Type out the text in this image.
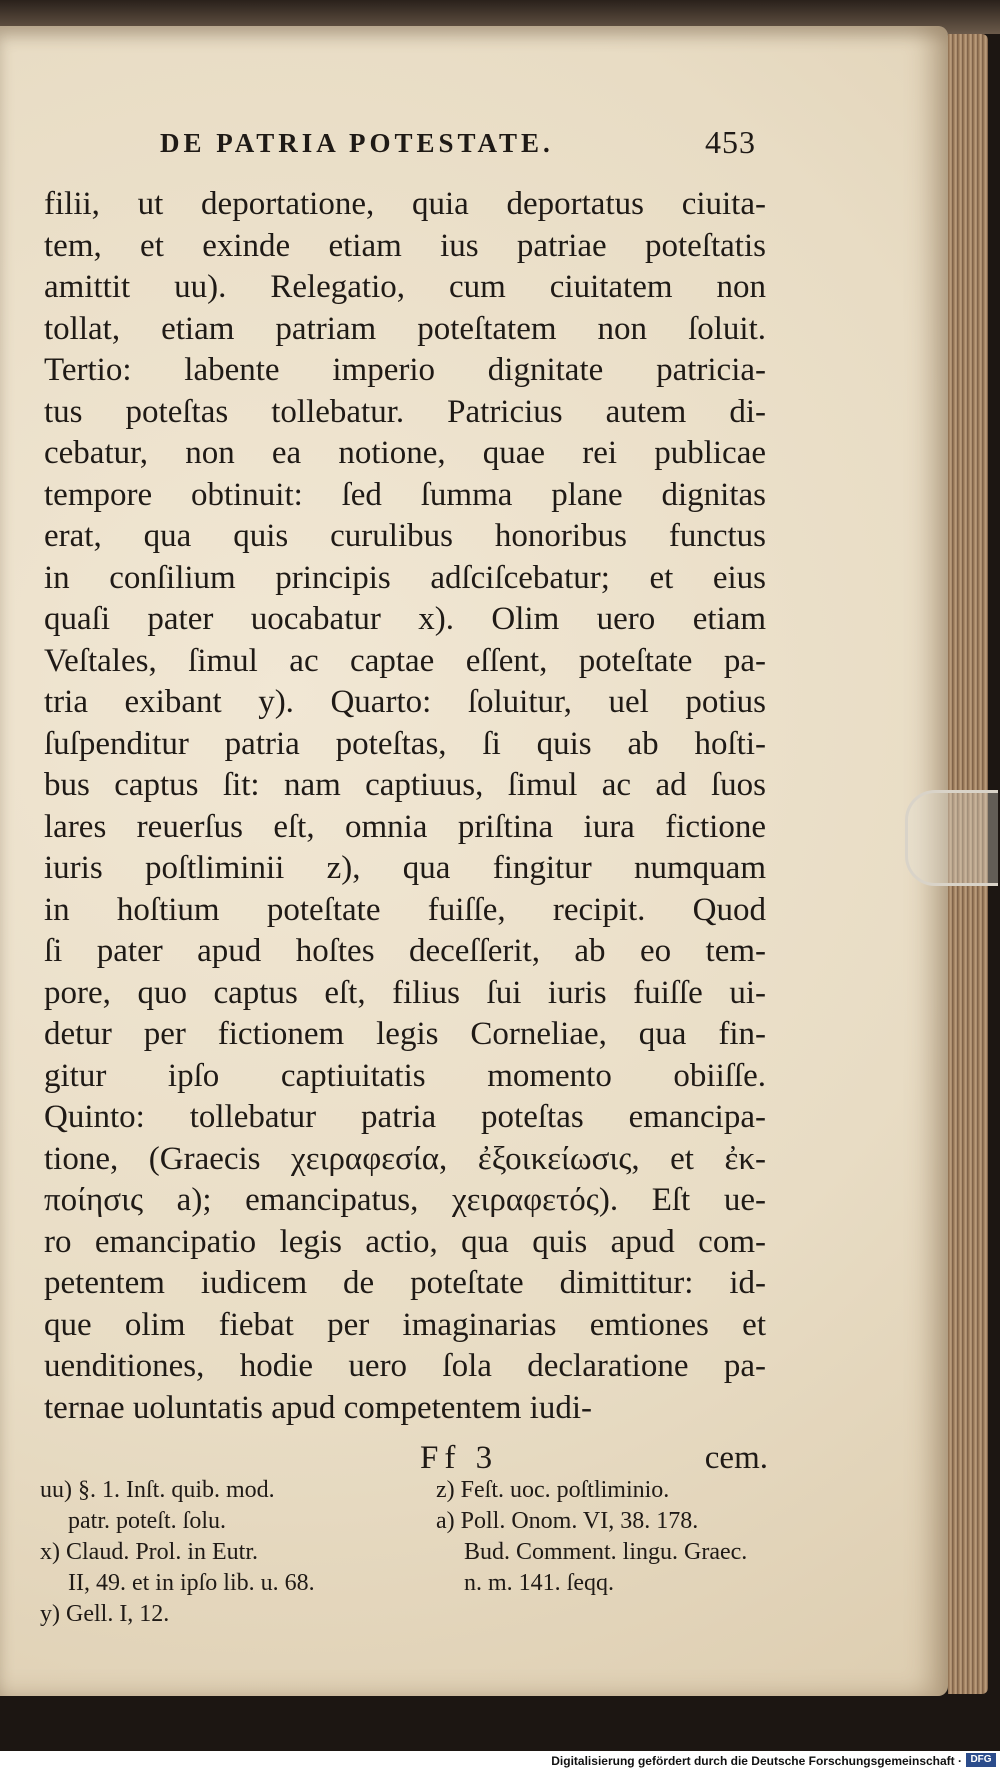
DE PATRIA POTESTATE.	453
filii, ut deportatione, quia deportatus ciuita-
tem, et exinde etiam ius patriae poteſtatis
amittit uu). Relegatio, cum ciuitatem non
tollat, etiam patriam poteſtatem non ſoluit.
Tertio: labente imperio dignitate patricia-
tus poteſtas tollebatur. Patricius autem di-
cebatur, non ea notione, quae rei publicae
tempore obtinuit: ſed ſumma plane dignitas
erat, qua quis curulibus honoribus functus
in conſilium principis adſciſcebatur; et eius
quaſi pater uocabatur x). Olim uero etiam
Veſtales, ſimul ac captae eſſent, poteſtate pa-
tria exibant y). Quarto: ſoluitur, uel potius
ſuſpenditur patria poteſtas, ſi quis ab hoſti-
bus captus ſit: nam captiuus, ſimul ac ad ſuos
lares reuerſus eſt, omnia priſtina iura fictione
iuris poſtliminii z), qua fingitur numquam
in hoſtium poteſtate fuiſſe, recipit. Quod
ſi pater apud hoſtes deceſſerit, ab eo tem-
pore, quo captus eſt, filius ſui iuris fuiſſe ui-
detur per fictionem legis Corneliae, qua fin-
gitur ipſo captiuitatis momento obiiſſe.
Quinto: tollebatur patria poteſtas emancipa-
tione, (Graecis χειραφεσία, ἐξοικείωσις, et ἐκ-
ποίησις a); emancipatus, χειραφετός). Eſt ue-
ro emancipatio legis actio, qua quis apud com-
petentem iudicem de poteſtate dimittitur: id-
que olim fiebat per imaginarias emtiones et
uenditiones, hodie uero ſola declaratione pa-
ternae uoluntatis apud competentem iudi-
Ff 3	cem.
uu) §. 1. Inſt. quib. mod.
patr. poteſt. ſolu.
x) Claud. Prol. in Eutr.
II, 49. et in ipſo lib. u. 68.
y) Gell. I, 12.
z) Feſt. uoc. poſtliminio.
a) Poll. Onom. VI, 38. 178.
Bud. Comment. lingu. Graec.
n. m. 141. ſeqq.
Digitalisierung gefördert durch die Deutsche Forschungsgemeinschaft · DFG
